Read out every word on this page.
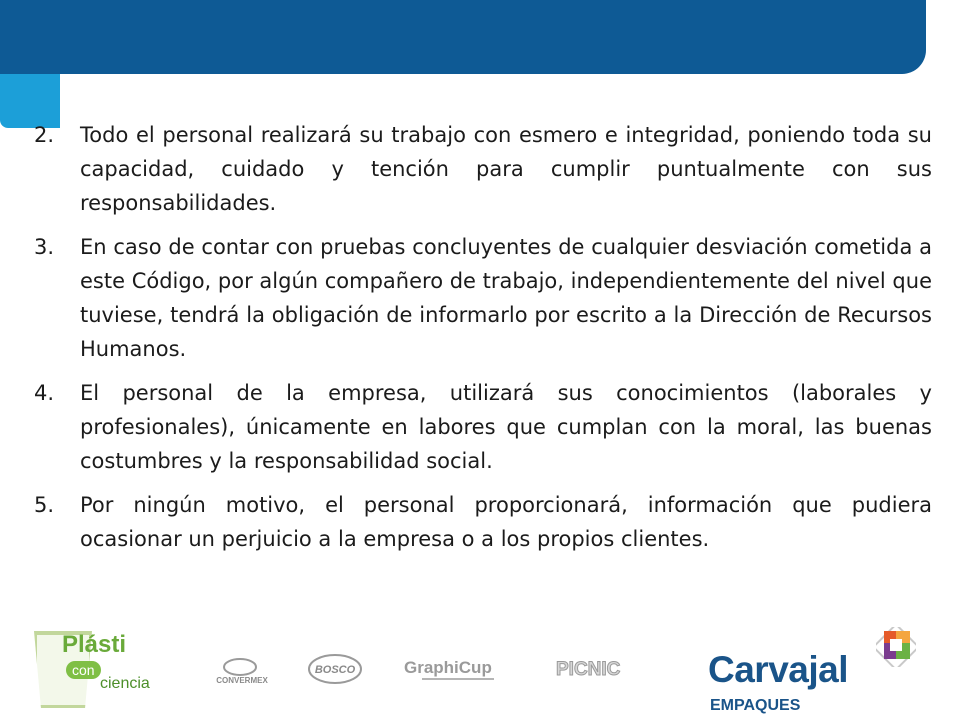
2.	Todo el personal realizará su trabajo con esmero e integridad, poniendo toda su capacidad, cuidado y tención para cumplir puntualmente con sus responsabilidades.
3.	En caso de contar con pruebas concluyentes de cualquier desviación cometida a este Código, por algún compañero de trabajo, independientemente del nivel que tuviese, tendrá la obligación de informarlo por escrito a la Dirección de Recursos Humanos.
4.	El personal de la empresa, utilizará sus conocimientos (laborales y profesionales), únicamente en labores que cumplan con la moral, las buenas costumbres y la responsabilidad social.
5.	Por ningún motivo, el personal proporcionará, información que pudiera ocasionar un perjuicio a la empresa o a los propios clientes.
Plásti
con
ciencia	CONVERMEX
BOSCO	GraphiCup	PICNIC Carvajal
EMPAQUES
